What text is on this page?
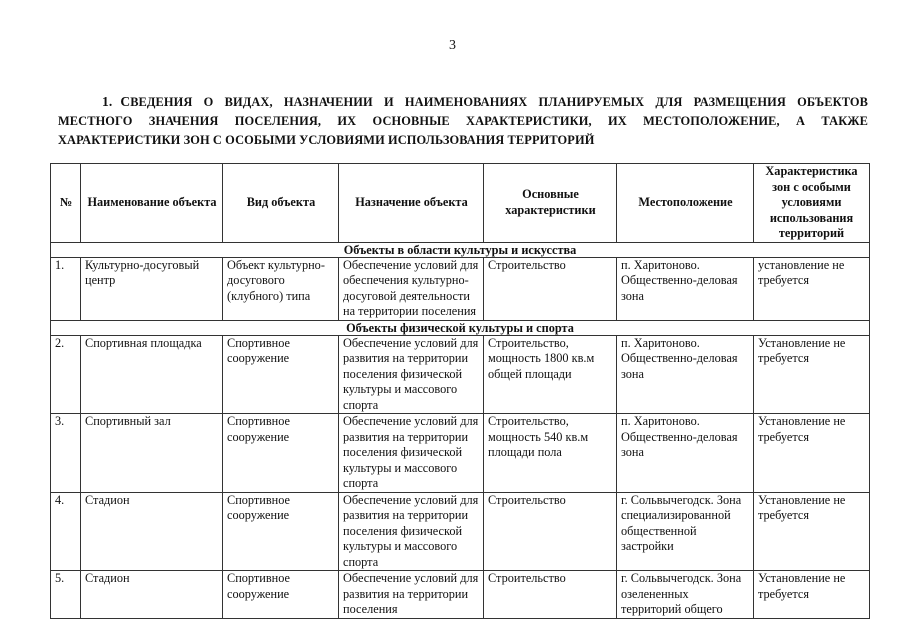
3
1. СВЕДЕНИЯ О ВИДАХ, НАЗНАЧЕНИИ И НАИМЕНОВАНИЯХ ПЛАНИРУЕМЫХ ДЛЯ РАЗМЕЩЕНИЯ ОБЪЕКТОВ МЕСТНОГО ЗНАЧЕНИЯ ПОСЕЛЕНИЯ, ИХ ОСНОВНЫЕ ХАРАКТЕРИСТИКИ, ИХ МЕСТОПОЛОЖЕНИЕ, А ТАКЖЕ ХАРАКТЕРИСТИКИ ЗОН С ОСОБЫМИ УСЛОВИЯМИ ИСПОЛЬЗОВАНИЯ ТЕРРИТОРИЙ
№	Наименование объекта	Вид объекта	Назначение объекта	Основные характеристики	Местоположение	Характеристика зон с особыми условиями использования территорий
Объекты в области культуры и искусства						
1.	Культурно-досуговый центр	Объект культурно-досугового (клубного) типа	Обеспечение условий для обеспечения культурно-досуговой деятельности на территории поселения	Строительство	п. Харитоново. Общественно-деловая зона	установление не требуется
Объекты физической культуры и спорта						
2.	Спортивная площадка	Спортивное сооружение	Обеспечение условий для развития на территории поселения физической культуры и массового спорта	Строительство, мощность 1800 кв.м общей площади	п. Харитоново. Общественно-деловая зона	Установление не требуется
3.	Спортивный зал	Спортивное сооружение	Обеспечение условий для развития на территории поселения физической культуры и массового спорта	Строительство, мощность 540 кв.м площади пола	п. Харитоново. Общественно-деловая зона	Установление не требуется
4.	Стадион	Спортивное сооружение	Обеспечение условий для развития на территории поселения физической культуры и массового спорта	Строительство	г. Сольвычегодск. Зона специализированной общественной застройки	Установление не требуется
5.	Стадион	Спортивное сооружение	Обеспечение условий для развития на территории поселения	Строительство	г. Сольвычегодск. Зона озелененных территорий общего	Установление не требуется
